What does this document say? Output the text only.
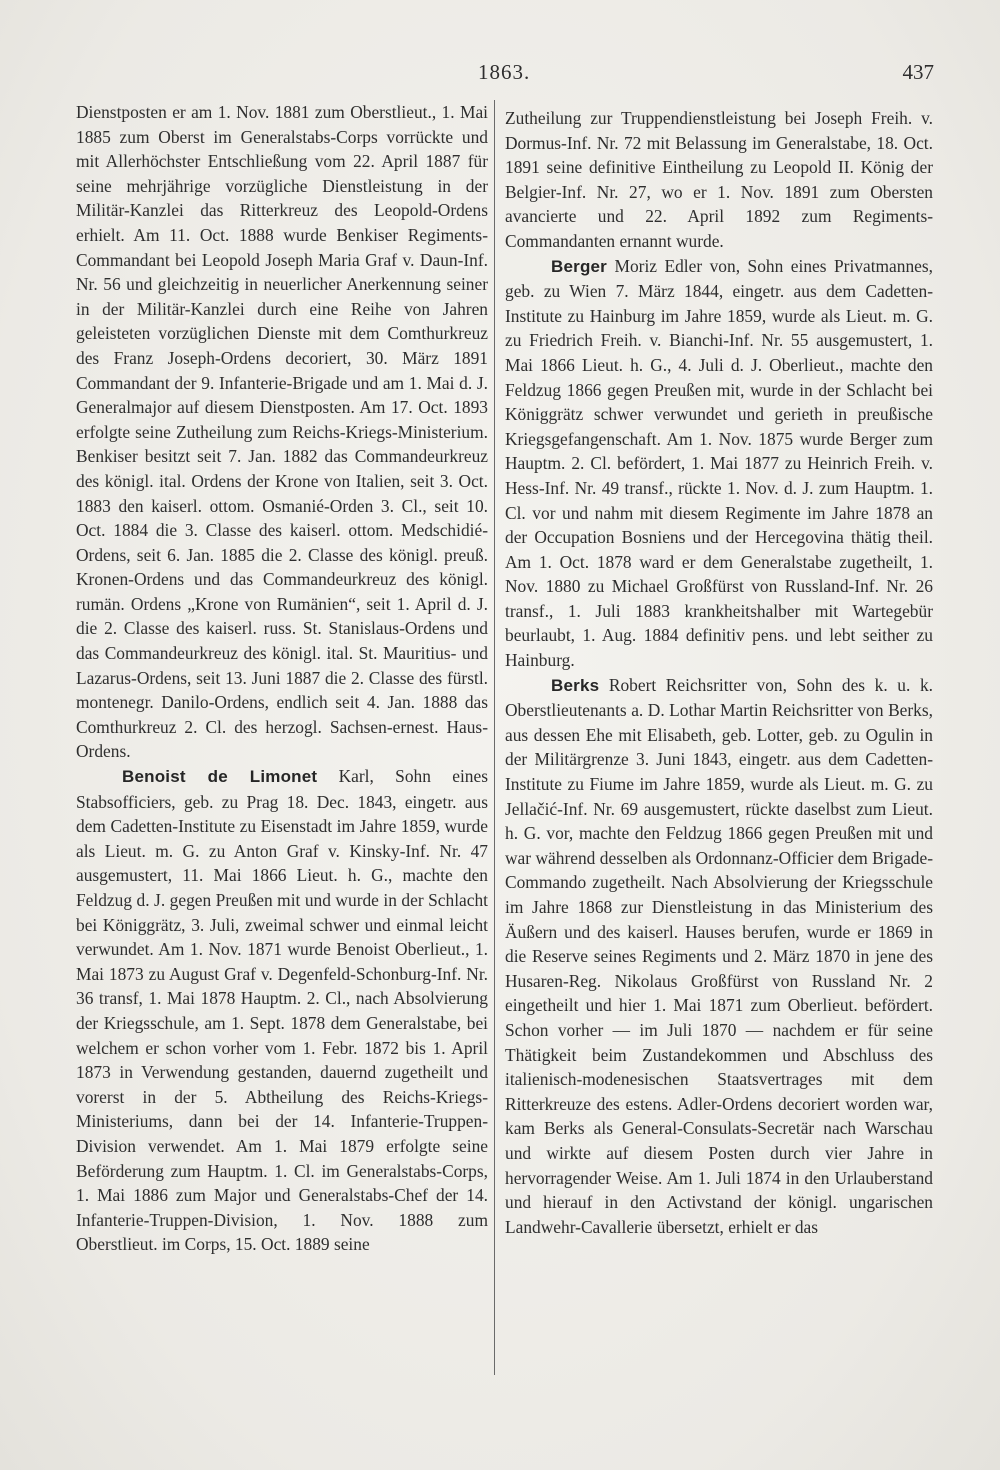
1863.	437

Dienstposten er am 1. Nov. 1881 zum Oberstlieut., 1. Mai 1885 zum Oberst im Generalstabs-Corps vorrückte und mit Allerhöchster Entschließung vom 22. April 1887 für seine mehrjährige vorzügliche Dienstleistung in der Militär-Kanzlei das Ritterkreuz des Leopold-Ordens erhielt. Am 11. Oct. 1888 wurde Benkiser Regiments-Commandant bei Leopold Joseph Maria Graf v. Daun-Inf. Nr. 56 und gleichzeitig in neuerlicher Anerkennung seiner in der Militär-Kanzlei durch eine Reihe von Jahren geleisteten vorzüglichen Dienste mit dem Comthurkreuz des Franz Joseph-Ordens decoriert, 30. März 1891 Commandant der 9. Infanterie-Brigade und am 1. Mai d. J. Generalmajor auf diesem Dienstposten. Am 17. Oct. 1893 erfolgte seine Zutheilung zum Reichs-Kriegs-Ministerium. Benkiser besitzt seit 7. Jan. 1882 das Commandeurkreuz des königl. ital. Ordens der Krone von Italien, seit 3. Oct. 1883 den kaiserl. ottom. Osmanié-Orden 3. Cl., seit 10. Oct. 1884 die 3. Classe des kaiserl. ottom. Medschidié-Ordens, seit 6. Jan. 1885 die 2. Classe des königl. preuß. Kronen-Ordens und das Commandeurkreuz des königl. rumän. Ordens „Krone von Rumänien“, seit 1. April d. J. die 2. Classe des kaiserl. russ. St. Stanislaus-Ordens und das Commandeurkreuz des königl. ital. St. Mauritius- und Lazarus-Ordens, seit 13. Juni 1887 die 2. Classe des fürstl. montenegr. Danilo-Ordens, endlich seit 4. Jan. 1888 das Comthurkreuz 2. Cl. des herzogl. Sachsen-ernest. Haus-Ordens.

Benoist de Limonet Karl, Sohn eines Stabsofficiers, geb. zu Prag 18. Dec. 1843, eingetr. aus dem Cadetten-Institute zu Eisenstadt im Jahre 1859, wurde als Lieut. m. G. zu Anton Graf v. Kinsky-Inf. Nr. 47 ausgemustert, 11. Mai 1866 Lieut. h. G., machte den Feldzug d. J. gegen Preußen mit und wurde in der Schlacht bei Königgrätz, 3. Juli, zweimal schwer und einmal leicht verwundet. Am 1. Nov. 1871 wurde Benoist Oberlieut., 1. Mai 1873 zu August Graf v. Degenfeld-Schonburg-Inf. Nr. 36 transf, 1. Mai 1878 Hauptm. 2. Cl., nach Absolvierung der Kriegsschule, am 1. Sept. 1878 dem Generalstabe, bei welchem er schon vorher vom 1. Febr. 1872 bis 1. April 1873 in Verwendung gestanden, dauernd zugetheilt und vorerst in der 5. Abtheilung des Reichs-Kriegs-Ministeriums, dann bei der 14. Infanterie-Truppen-Division verwendet. Am 1. Mai 1879 erfolgte seine Beförderung zum Hauptm. 1. Cl. im Generalstabs-Corps, 1. Mai 1886 zum Major und Generalstabs-Chef der 14. Infanterie-Truppen-Division, 1. Nov. 1888 zum Oberstlieut. im Corps, 15. Oct. 1889 seine

Zutheilung zur Truppendienstleistung bei Joseph Freih. v. Dormus-Inf. Nr. 72 mit Belassung im Generalstabe, 18. Oct. 1891 seine definitive Eintheilung zu Leopold II. König der Belgier-Inf. Nr. 27, wo er 1. Nov. 1891 zum Obersten avancierte und 22. April 1892 zum Regiments-Commandanten ernannt wurde.

Berger Moriz Edler von, Sohn eines Privatmannes, geb. zu Wien 7. März 1844, eingetr. aus dem Cadetten-Institute zu Hainburg im Jahre 1859, wurde als Lieut. m. G. zu Friedrich Freih. v. Bianchi-Inf. Nr. 55 ausgemustert, 1. Mai 1866 Lieut. h. G., 4. Juli d. J. Oberlieut., machte den Feldzug 1866 gegen Preußen mit, wurde in der Schlacht bei Königgrätz schwer verwundet und gerieth in preußische Kriegsgefangenschaft. Am 1. Nov. 1875 wurde Berger zum Hauptm. 2. Cl. befördert, 1. Mai 1877 zu Heinrich Freih. v. Hess-Inf. Nr. 49 transf., rückte 1. Nov. d. J. zum Hauptm. 1. Cl. vor und nahm mit diesem Regimente im Jahre 1878 an der Occupation Bosniens und der Hercegovina thätig theil. Am 1. Oct. 1878 ward er dem Generalstabe zugetheilt, 1. Nov. 1880 zu Michael Großfürst von Russland-Inf. Nr. 26 transf., 1. Juli 1883 krankheitshalber mit Wartegebür beurlaubt, 1. Aug. 1884 definitiv pens. und lebt seither zu Hainburg.

Berks Robert Reichsritter von, Sohn des k. u. k. Oberstlieutenants a. D. Lothar Martin Reichsritter von Berks, aus dessen Ehe mit Elisabeth, geb. Lotter, geb. zu Ogulin in der Militärgrenze 3. Juni 1843, eingetr. aus dem Cadetten-Institute zu Fiume im Jahre 1859, wurde als Lieut. m. G. zu Jellačić-Inf. Nr. 69 ausgemustert, rückte daselbst zum Lieut. h. G. vor, machte den Feldzug 1866 gegen Preußen mit und war während desselben als Ordonnanz-Officier dem Brigade-Commando zugetheilt. Nach Absolvierung der Kriegsschule im Jahre 1868 zur Dienstleistung in das Ministerium des Äußern und des kaiserl. Hauses berufen, wurde er 1869 in die Reserve seines Regiments und 2. März 1870 in jene des Husaren-Reg. Nikolaus Großfürst von Russland Nr. 2 eingetheilt und hier 1. Mai 1871 zum Oberlieut. befördert. Schon vorher — im Juli 1870 — nachdem er für seine Thätigkeit beim Zustandekommen und Abschluss des italienisch-modenesischen Staatsvertrages mit dem Ritterkreuze des estens. Adler-Ordens decoriert worden war, kam Berks als General-Consulats-Secretär nach Warschau und wirkte auf diesem Posten durch vier Jahre in hervorragender Weise. Am 1. Juli 1874 in den Urlauberstand und hierauf in den Activstand der königl. ungarischen Landwehr-Cavallerie übersetzt, erhielt er das
